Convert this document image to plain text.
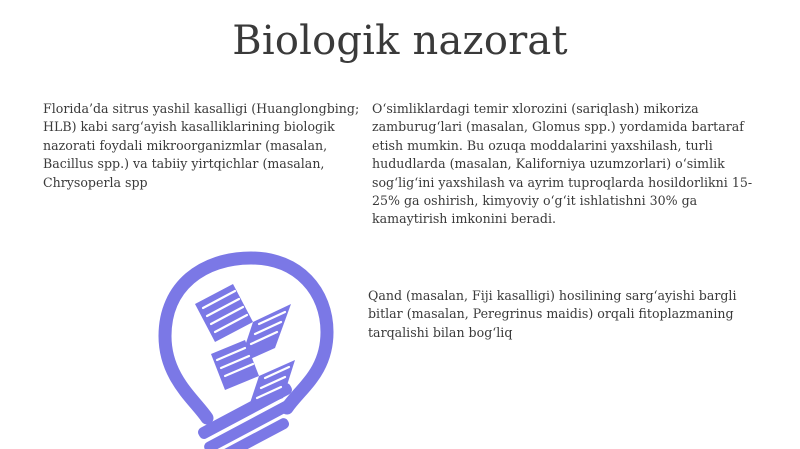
Biologik nazorat

Florida’da sitrus yashil kasalligi (Huanglongbing; HLB) kabi sarg‘ayish kasalliklarining biologik nazorati foydali mikroorganizmlar (masalan, Bacillus spp.) va tabiiy yirtqichlar (masalan, Chrysoperla spp

O‘simliklardagi temir xlorozini (sariqlash) mikoriza zamburug‘lari (masalan, Glomus spp.) yordamida bartaraf etish mumkin. Bu ozuqa moddalarini yaxshilash, turli hududlarda (masalan, Kaliforniya uzumzorlari) o‘simlik sog‘lig‘ini yaxshilash va ayrim tuproqlarda hosildorlikni 15-25% ga oshirish, kimyoviy o‘g‘it ishlatishni 30% ga kamaytirish imkonini beradi.

Qand (masalan, Fiji kasalligi) hosilining sarg‘ayishi bargli bitlar (masalan, Peregrinus maidis) orqali fitoplazmaning tarqalishi bilan bog‘liq
